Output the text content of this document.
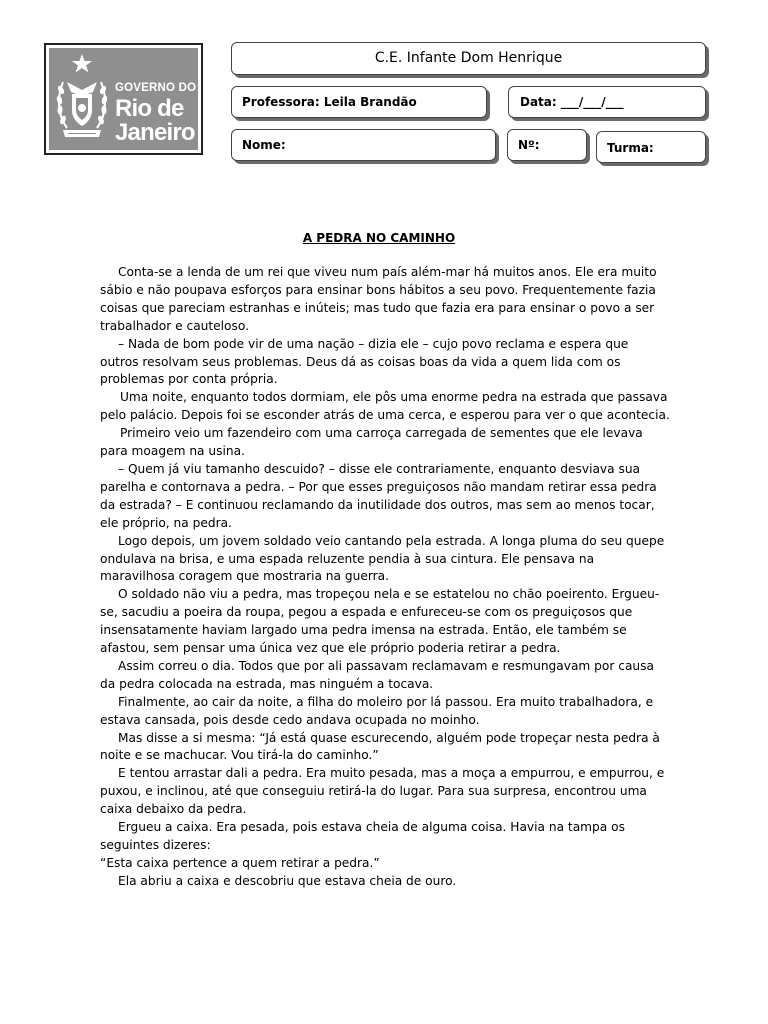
GOVERNO DO
Rio de
Janeiro
C.E. Infante Dom Henrique
Professora: Leila Brandão	Data: ___/___/___
Nome:	Nº:	Turma:
A PEDRA NO CAMINHO

Conta-se a lenda de um rei que viveu num país além-mar há muitos anos. Ele era muito sábio e não poupava esforços para ensinar bons hábitos a seu povo. Frequentemente fazia coisas que pareciam estranhas e inúteis; mas tudo que fazia era para ensinar o povo a ser trabalhador e cauteloso.

– Nada de bom pode vir de uma nação – dizia ele – cujo povo reclama e espera que outros resolvam seus problemas. Deus dá as coisas boas da vida a quem lida com os problemas por conta própria.

Uma noite, enquanto todos dormiam, ele pôs uma enorme pedra na estrada que passava pelo palácio. Depois foi se esconder atrás de uma cerca, e esperou para ver o que acontecia.

Primeiro veio um fazendeiro com uma carroça carregada de sementes que ele levava para moagem na usina.

– Quem já viu tamanho descuido? – disse ele contrariamente, enquanto desviava sua parelha e contornava a pedra. – Por que esses preguiçosos não mandam retirar essa pedra da estrada? – E continuou reclamando da inutilidade dos outros, mas sem ao menos tocar, ele próprio, na pedra.

Logo depois, um jovem soldado veio cantando pela estrada. A longa pluma do seu quepe ondulava na brisa, e uma espada reluzente pendia à sua cintura. Ele pensava na maravilhosa coragem que mostraria na guerra.

O soldado não viu a pedra, mas tropeçou nela e se estatelou no chão poeirento. Ergueu-se, sacudiu a poeira da roupa, pegou a espada e enfureceu-se com os preguiçosos que insensatamente haviam largado uma pedra imensa na estrada. Então, ele também se afastou, sem pensar uma única vez que ele próprio poderia retirar a pedra.

Assim correu o dia. Todos que por ali passavam reclamavam e resmungavam por causa da pedra colocada na estrada, mas ninguém a tocava.

Finalmente, ao cair da noite, a filha do moleiro por lá passou. Era muito trabalhadora, e estava cansada, pois desde cedo andava ocupada no moinho.

Mas disse a si mesma: “Já está quase escurecendo, alguém pode tropeçar nesta pedra à noite e se machucar. Vou tirá-la do caminho.”

E tentou arrastar dali a pedra. Era muito pesada, mas a moça a empurrou, e empurrou, e puxou, e inclinou, até que conseguiu retirá-la do lugar. Para sua surpresa, encontrou uma caixa debaixo da pedra.

Ergueu a caixa. Era pesada, pois estava cheia de alguma coisa. Havia na tampa os seguintes dizeres:

“Esta caixa pertence a quem retirar a pedra.”

Ela abriu a caixa e descobriu que estava cheia de ouro.
